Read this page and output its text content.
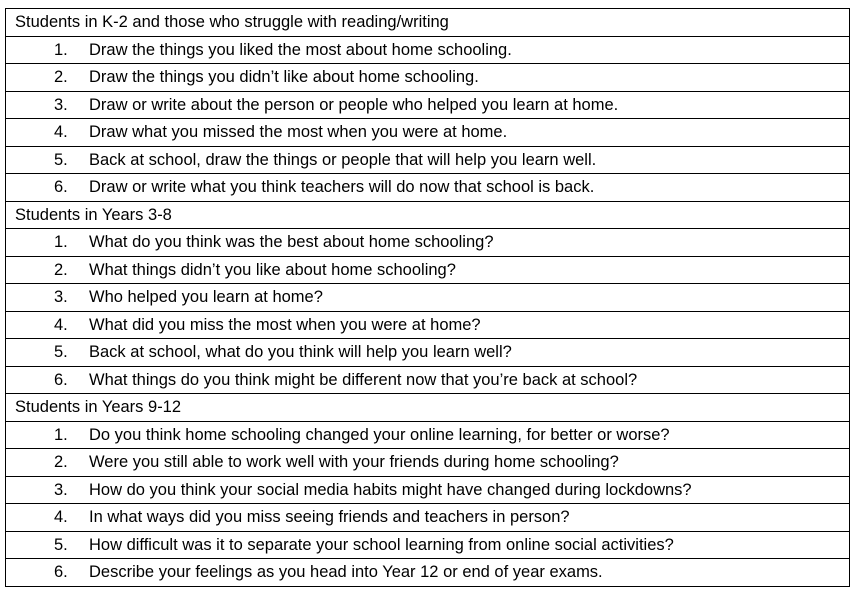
Students in K-2 and those who struggle with reading/writing
1. Draw the things you liked the most about home schooling.
2. Draw the things you didn’t like about home schooling.
3. Draw or write about the person or people who helped you learn at home.
4. Draw what you missed the most when you were at home.
5. Back at school, draw the things or people that will help you learn well.
6. Draw or write what you think teachers will do now that school is back.
Students in Years 3-8
1. What do you think was the best about home schooling?
2. What things didn’t you like about home schooling?
3. Who helped you learn at home?
4. What did you miss the most when you were at home?
5. Back at school, what do you think will help you learn well?
6. What things do you think might be different now that you’re back at school?
Students in Years 9-12
1. Do you think home schooling changed your online learning, for better or worse?
2. Were you still able to work well with your friends during home schooling?
3. How do you think your social media habits might have changed during lockdowns?
4. In what ways did you miss seeing friends and teachers in person?
5. How difficult was it to separate your school learning from online social activities?
6. Describe your feelings as you head into Year 12 or end of year exams.
